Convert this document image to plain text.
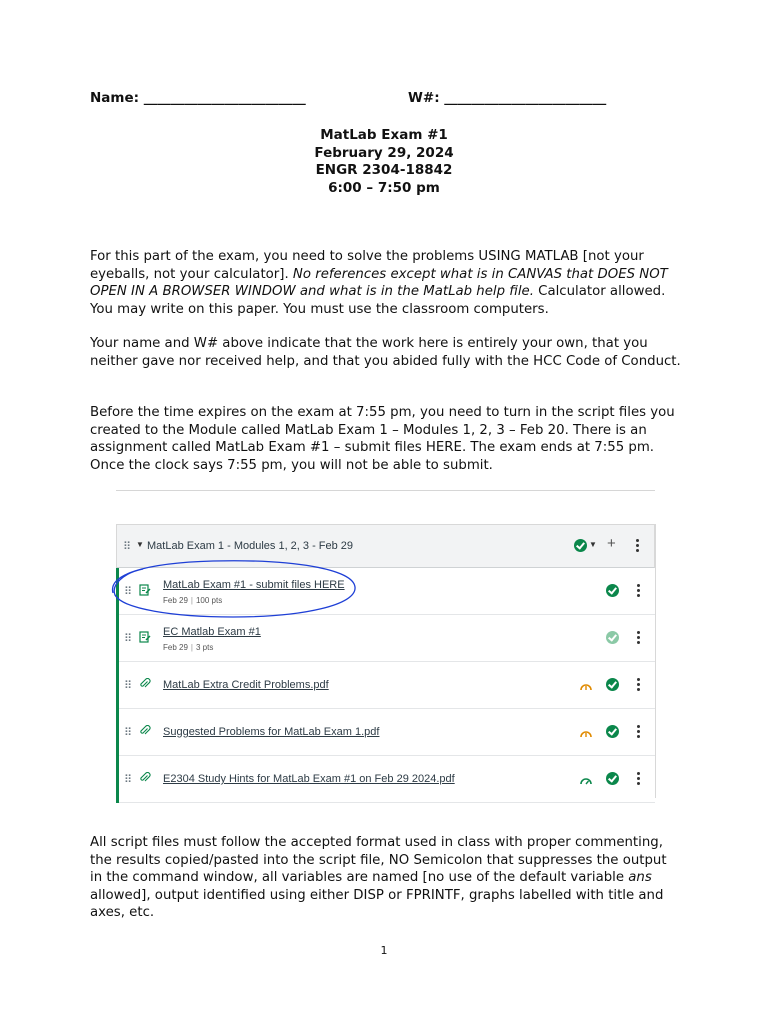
Name: ________________________	W#: ________________________
MatLab Exam #1
February 29, 2024
ENGR 2304-18842
6:00 – 7:50 pm

For this part of the exam, you need to solve the problems USING MATLAB [not your eyeballs, not your calculator]. No references except what is in CANVAS that DOES NOT OPEN IN A BROWSER WINDOW and what is in the MatLab help file. Calculator allowed. You may write on this paper. You must use the classroom computers.

Your name and W# above indicate that the work here is entirely your own, that you neither gave nor received help, and that you abided fully with the HCC Code of Conduct.

Before the time expires on the exam at 7:55 pm, you need to turn in the script files you created to the Module called MatLab Exam 1 – Modules 1, 2, 3 – Feb 20. There is an assignment called MatLab Exam #1 – submit files HERE. The exam ends at 7:55 pm. Once the clock says 7:55 pm, you will not be able to submit.

⠿ ▼ MatLab Exam 1 - Modules 1, 2, 3 - Feb 29	▼ +
⠿
MatLab Exam #1 - submit files HERE
Feb 29 | 100 pts
⠿
EC Matlab Exam #1
Feb 29 | 3 pts
⠿	MatLab Extra Credit Problems.pdf
⠿	Suggested Problems for MatLab Exam 1.pdf
⠿	E2304 Study Hints for MatLab Exam #1 on Feb 29 2024.pdf

All script files must follow the accepted format used in class with proper commenting, the results copied/pasted into the script file, NO Semicolon that suppresses the output in the command window, all variables are named [no use of the default variable ans allowed], output identified using either DISP or FPRINTF, graphs labelled with title and axes, etc.

1
